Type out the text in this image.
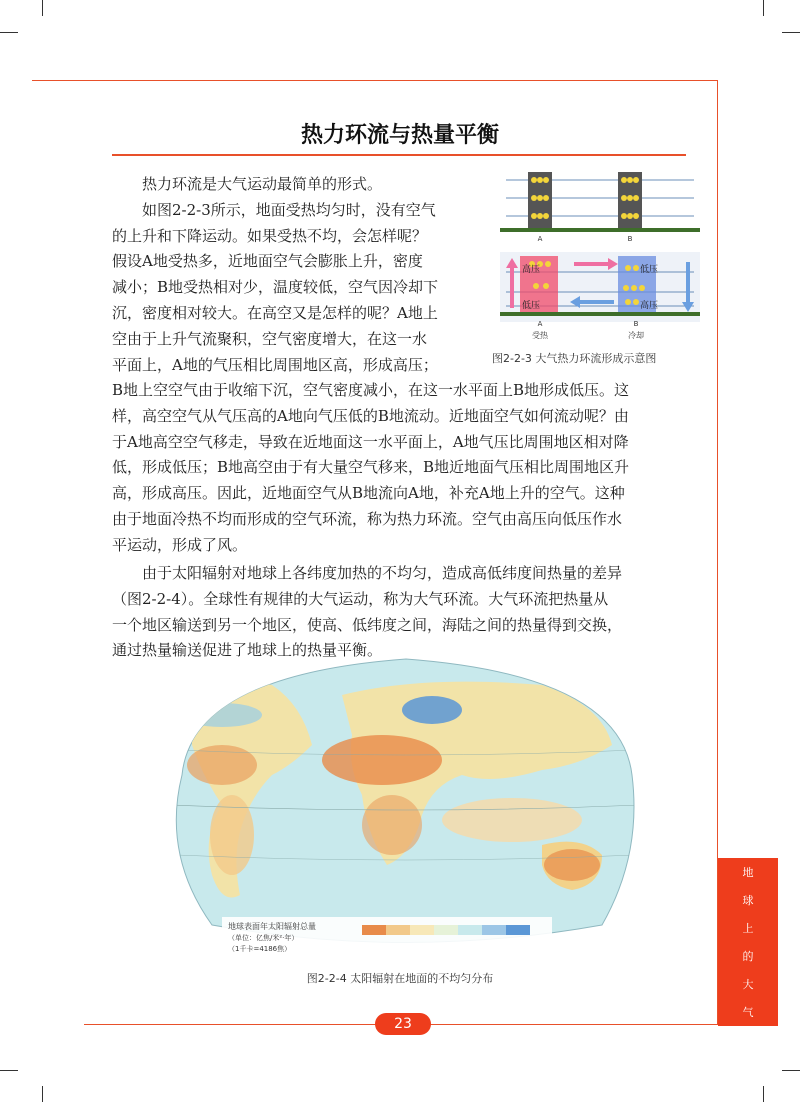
热力环流与热量平衡
热力环流是大气运动最简单的形式。
如图2-2-3所示，地面受热均匀时，没有空气
的上升和下降运动。如果受热不均，会怎样呢？
假设A地受热多，近地面空气会膨胀上升，密度
减小；B地受热相对少，温度较低，空气因冷却下
沉，密度相对较大。在高空又是怎样的呢？A地上
空由于上升气流聚积，空气密度增大，在这一水
平面上，A地的气压相比周围地区高，形成高压；
B地上空空气由于收缩下沉，空气密度减小，在这一水平面上B地形成低压。这
样，高空空气从气压高的A地向气压低的B地流动。近地面空气如何流动呢？由
于A地高空空气移走，导致在近地面这一水平面上，A地气压比周围地区相对降
低，形成低压；B地高空由于有大量空气移来，B地近地面气压相比周围地区升
高，形成高压。因此，近地面空气从B地流向A地，补充A地上升的空气。这种
由于地面冷热不均而形成的空气环流，称为热力环流。空气由高压向低压作水
平运动，形成了风。
由于太阳辐射对地球上各纬度加热的不均匀，造成高低纬度间热量的差异
（图2-2-4）。全球性有规律的大气运动，称为大气环流。大气环流把热量从
一个地区输送到另一个地区，使高、低纬度之间，海陆之间的热量得到交换，
通过热量输送促进了地球上的热量平衡。
A	B
高压
低压
低压
高压
A	B
受热	冷却
图2-2-3 大气热力环流形成示意图
地球表面年太阳辐射总量
（单位：亿焦/米²·年）
（1千卡=4186焦）
图2-2-4 太阳辐射在地面的不均匀分布
地
球
上
的
大
气
23
